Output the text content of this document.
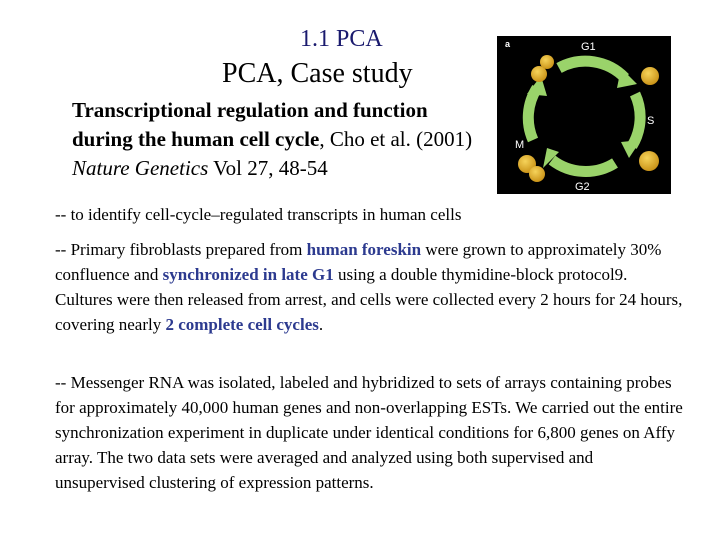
1.1 PCA
PCA, Case study
Transcriptional regulation and function during the human cell cycle, Cho et al. (2001) Nature Genetics Vol 27, 48-54
a	G1
S
G2
M

-- to identify cell-cycle–regulated transcripts in human cells

-- Primary fibroblasts prepared from human foreskin were grown to approximately 30% confluence and synchronized in late G1 using a double thymidine-block protocol9. Cultures were then released from arrest, and cells were collected every 2 hours for 24 hours, covering nearly 2 complete cell cycles.

-- Messenger RNA was isolated, labeled and hybridized to sets of arrays containing probes for approximately 40,000 human genes and non-overlapping ESTs. We carried out the entire synchronization experiment in duplicate under identical conditions for 6,800 genes on Affy array. The two data sets were averaged and analyzed using both supervised and unsupervised clustering of expression patterns.
